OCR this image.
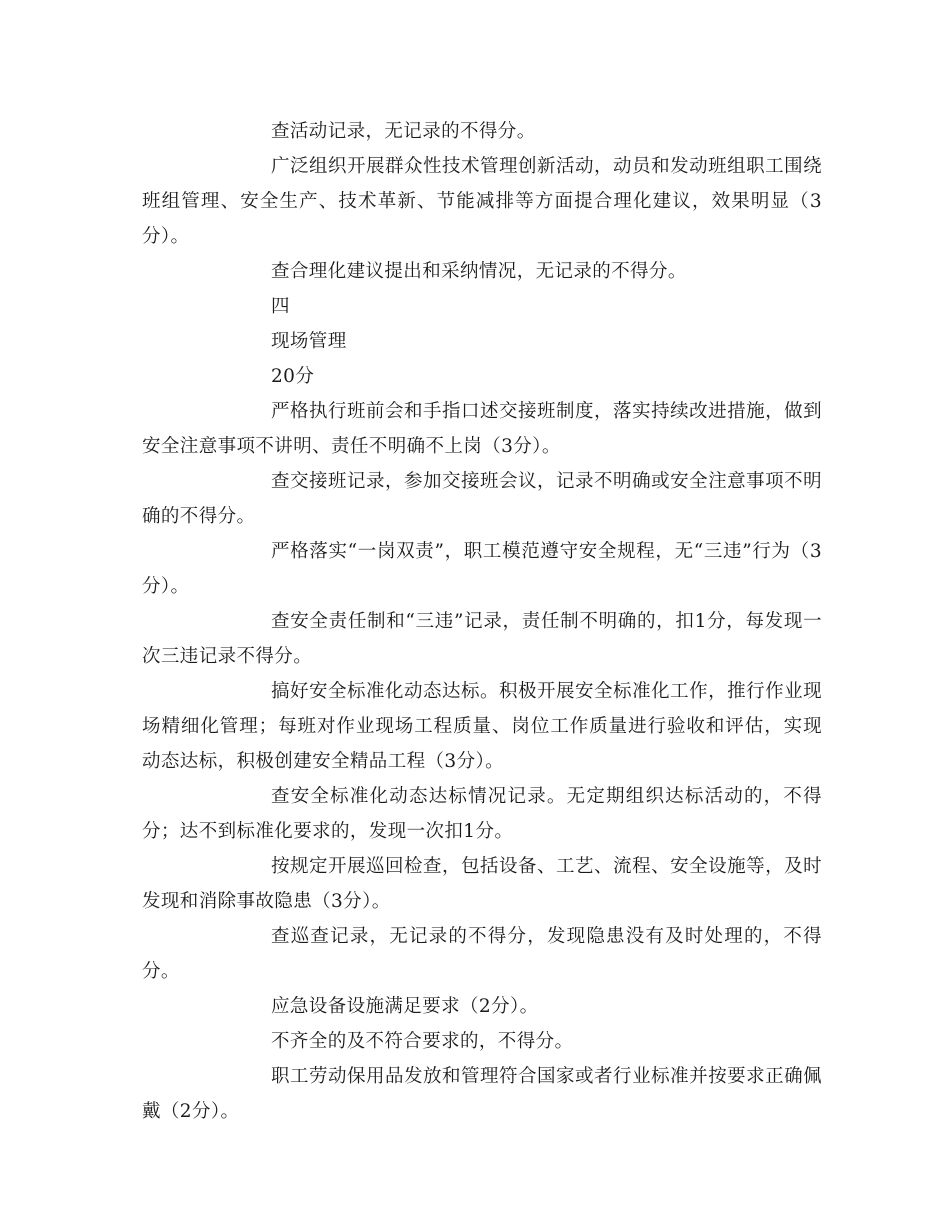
查活动记录，无记录的不得分。

广泛组织开展群众性技术管理创新活动，动员和发动班组职工围绕班组管理、安全生产、技术革新、节能减排等方面提合理化建议，效果明显（3分）。

查合理化建议提出和采纳情况，无记录的不得分。

四

现场管理

20分

严格执行班前会和手指口述交接班制度，落实持续改进措施，做到安全注意事项不讲明、责任不明确不上岗（3分）。

查交接班记录，参加交接班会议，记录不明确或安全注意事项不明确的不得分。

严格落实“一岗双责”，职工模范遵守安全规程，无“三违”行为（3分）。

查安全责任制和“三违”记录，责任制不明确的，扣1分，每发现一次三违记录不得分。

搞好安全标准化动态达标。积极开展安全标准化工作，推行作业现场精细化管理；每班对作业现场工程质量、岗位工作质量进行验收和评估，实现动态达标，积极创建安全精品工程（3分）。

查安全标准化动态达标情况记录。无定期组织达标活动的，不得分；达不到标准化要求的，发现一次扣1分。

按规定开展巡回检查，包括设备、工艺、流程、安全设施等，及时发现和消除事故隐患（3分）。

查巡查记录，无记录的不得分，发现隐患没有及时处理的，不得分。

应急设备设施满足要求（2分）。

不齐全的及不符合要求的，不得分。

职工劳动保用品发放和管理符合国家或者行业标准并按要求正确佩戴（2分）。
